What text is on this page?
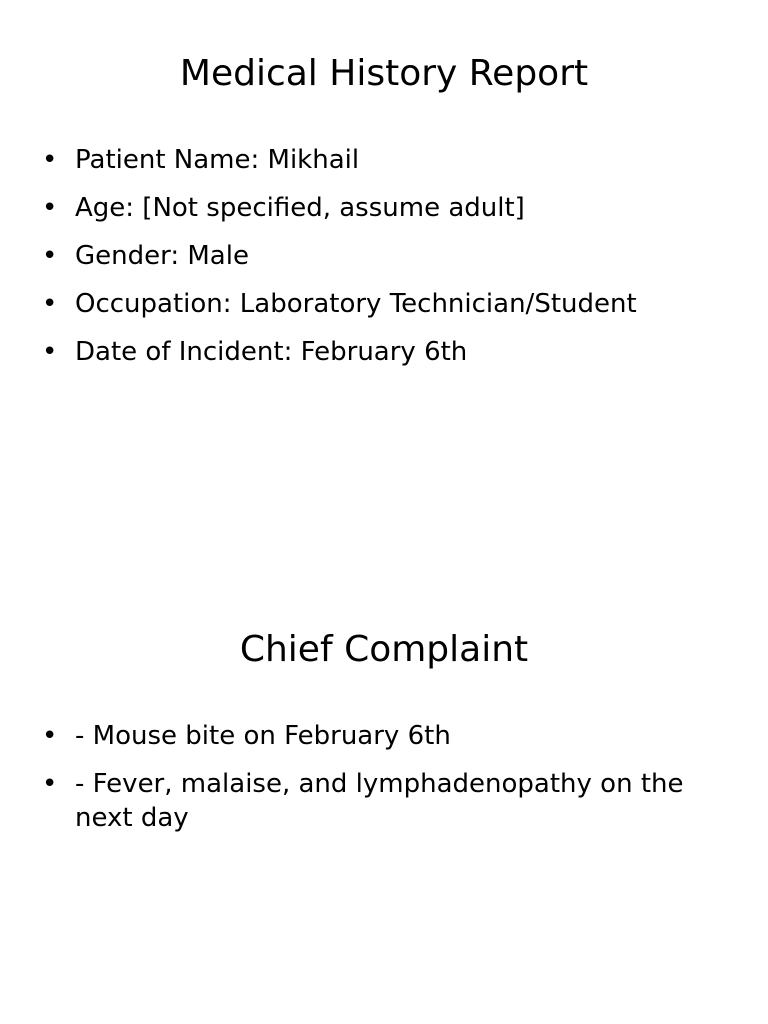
Medical History Report
• Patient Name: Mikhail
• Age: [Not specified, assume adult]
• Gender: Male
• Occupation: Laboratory Technician/Student
• Date of Incident: February 6th
Chief Complaint
• - Mouse bite on February 6th
• - Fever, malaise, and lymphadenopathy on the next day
